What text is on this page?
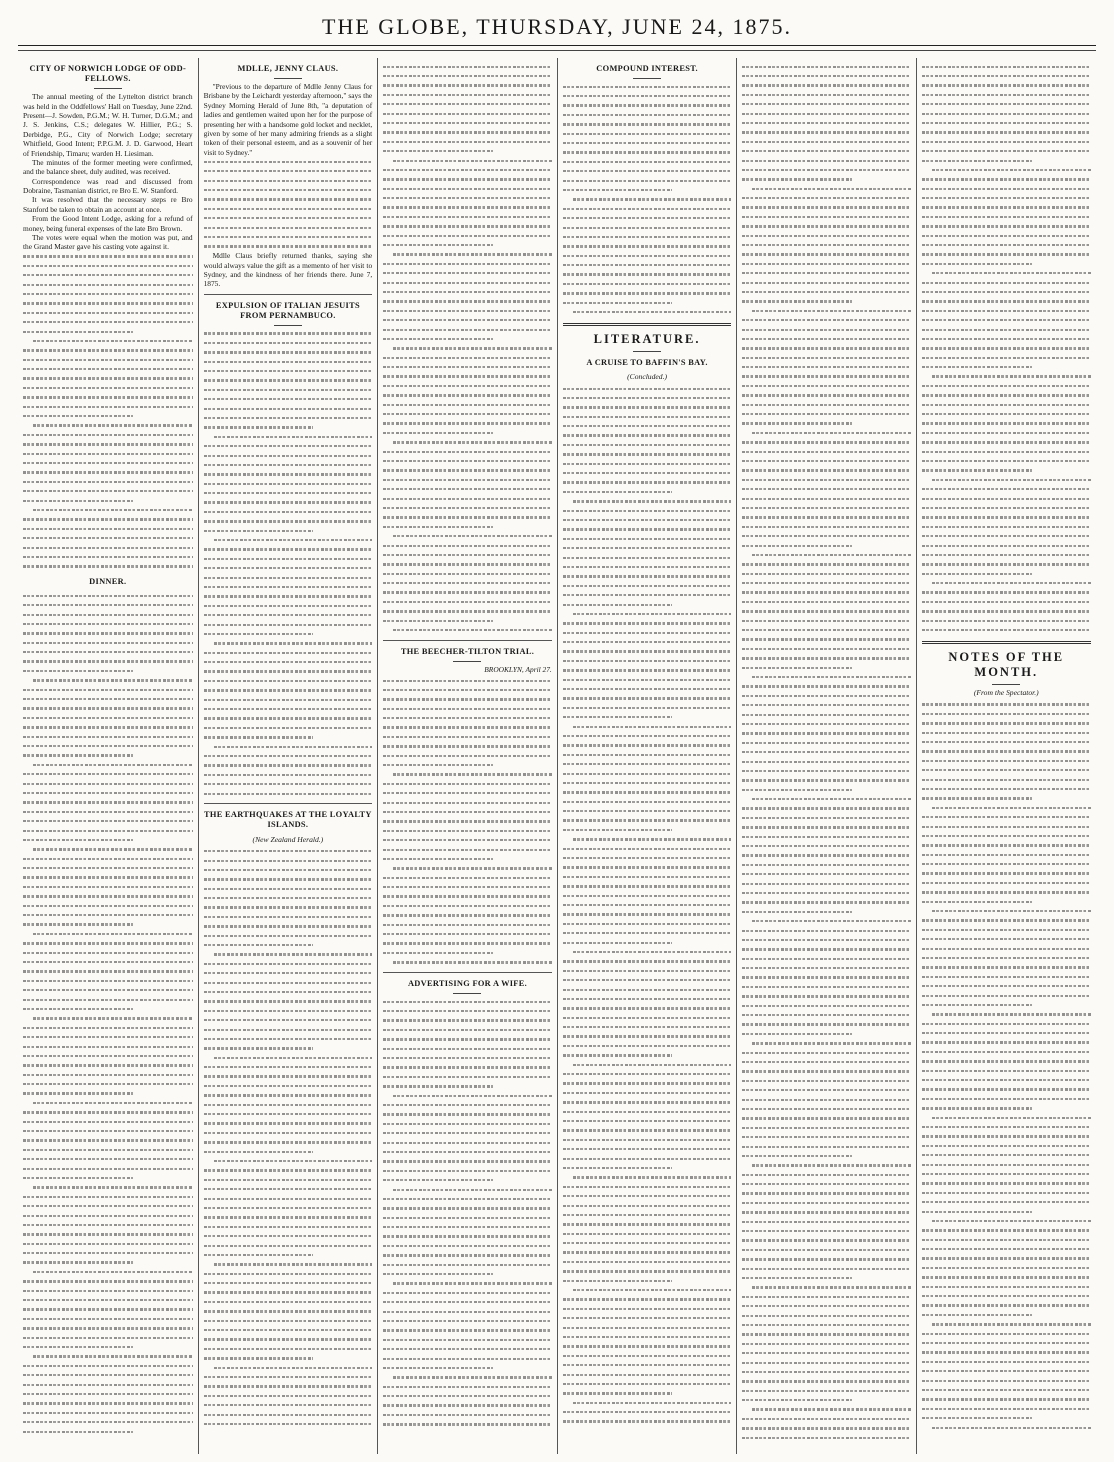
THE GLOBE, THURSDAY, JUNE 24, 1875.
CITY OF NORWICH LODGE OF ODD-FELLOWS.

The annual meeting of the Lyttelton district branch was held in the Oddfellows' Hall on Tuesday, June 22nd. Present—J. Sowden, P.G.M.; W. H. Turner, D.G.M.; and J. S. Jenkins, C.S.; delegates W. Hillier, P.G.; S. Derbidge, P.G., City of Norwich Lodge; secretary Whitfield, Good Intent; P.P.G.M. J. D. Garwood, Heart of Friendship, Timaru; warden H. Liesiman.

The minutes of the former meeting were confirmed, and the balance sheet, duly audited, was received.

Correspondence was read and discussed from Dobraine, Tasmanian district, re Bro E. W. Stanford.

It was resolved that the necessary steps re Bro Stanford be taken to obtain an account at once.

From the Good Intent Lodge, asking for a refund of money, being funeral expenses of the late Bro Brown.

The votes were equal when the motion was put, and the Grand Master gave his casting vote against it.

DINNER.
MDLLE, JENNY CLAUS.

"Previous to the departure of Mdlle Jenny Claus for Brisbane by the Leichardt yesterday afternoon," says the Sydney Morning Herald of June 8th, "a deputation of ladies and gentlemen waited upon her for the purpose of presenting her with a handsome gold locket and necklet, given by some of her many admiring friends as a slight token of their personal esteem, and as a souvenir of her visit to Sydney."

Mdlle Claus briefly returned thanks, saying she would always value the gift as a memento of her visit to Sydney, and the kindness of her friends there. June 7, 1875.

EXPULSION OF ITALIAN JESUITS FROM PERNAMBUCO.
THE EARTHQUAKES AT THE LOYALTY ISLANDS.
(New Zealand Herald.)
THE BEECHER-TILTON TRIAL.
BROOKLYN, April 27.
ADVERTISING FOR A WIFE.
COMPOUND INTEREST.
LITERATURE.
A CRUISE TO BAFFIN'S BAY.
(Concluded.)
NOTES OF THE MONTH.
(From the Spectator.)
